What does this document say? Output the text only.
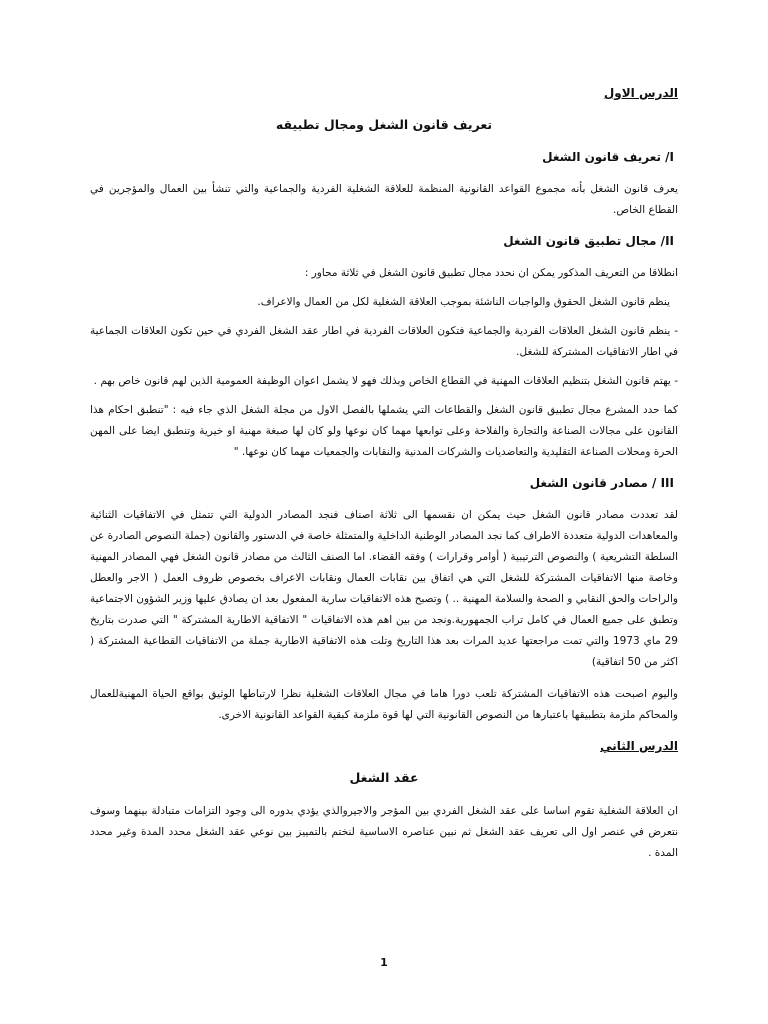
الدرس الاول
تعريف قانون الشغل ومجال تطبيقه
I/ تعريف قانون الشغل

يعرف قانون الشغل بأنه مجموع القواعد القانونية المنظمة للعلاقة الشغلية الفردية والجماعية والتي تنشأ بين العمال والمؤجرين في القطاع الخاص.

II/ مجال تطبيق قانون الشغل

انطلاقا من التعريف المذكور يمكن ان نحدد مجال تطبيق قانون الشغل في ثلاثة محاور :

ينظم قانون الشغل الحقوق والواجبات الناشئة بموجب العلاقة الشغلية لكل من العمال والاعراف.

- ينظم قانون الشغل العلاقات الفردية والجماعية فتكون العلاقات الفردية في اطار عقد الشغل الفردي في حين تكون العلاقات الجماعية في اطار الاتفاقيات المشتركة للشغل.

- يهتم قانون الشغل بتنظيم العلاقات المهنية في القطاع الخاص وبذلك فهو لا يشمل اعوان الوظيفة العمومية الذين لهم قانون خاص بهم .

كما حدد المشرع مجال تطبيق قانون الشغل والقطاعات التي يشملها بالفصل الاول من مجلة الشغل الذي جاء فيه : "تنطبق احكام هذا القانون على مجالات الصناعة والتجارة والفلاحة وعلى توابعها مهما كان نوعها ولو كان لها صبغة مهنية او خيرية وتنطبق ايضا على المهن الحرة ومحلات الصناعة التقليدية والتعاضديات والشركات المدنية والنقابات والجمعيات مهما كان نوعها. "

III / مصادر قانون الشغل

لقد تعددت مصادر قانون الشغل حيث يمكن ان نقسمها الى ثلاثة اصناف فنجد المصادر الدولية التي تتمثل في الاتفاقيات الثنائية والمعاهدات الدولية متعددة الاطراف كما نجد المصادر الوطنية الداخلية والمتمثلة خاصة في الدستور والقانون (جملة النصوص الصادرة عن السلطة التشريعية ) والنصوص الترتيبية ( أوامر وقرارات ) وفقه القضاء. اما الصنف الثالث من مصادر قانون الشغل فهي المصادر المهنية وخاصة منها الاتفاقيات المشتركة للشغل التي هي اتفاق بين نقابات العمال ونقابات الاعراف بخصوص ظروف العمل ( الاجر والعطل والراحات والحق النقابي و الصحة والسلامة المهنية .. ) وتصبح هذه الاتفاقيات سارية المفعول بعد ان يصادق عليها وزير الشؤون الاجتماعية وتطبق على جميع العمال في كامل تراب الجمهورية.ونجد من بين اهم هذه الاتفاقيات " الاتفاقية الاطارية المشتركة " التي صدرت بتاريخ 29 ماي 1973 والتي تمت مراجعتها عديد المرات بعد هذا التاريخ وتلت هذه الاتفاقية الاطارية جملة من الاتفاقيات القطاعية المشتركة ( اكثر من 50 اتفاقية)

واليوم اصبحت هذه الاتفاقيات المشتركة تلعب دورا هاما في مجال العلاقات الشغلية نظرا لارتباطها الوثيق بواقع الحياة المهنيةللعمال والمحاكم ملزمة بتطبيقها باعتبارها من النصوص القانونية التي لها قوة ملزمة كبقية القواعد القانونية الاخرى.

الدرس الثاني
عقد الشغل

ان العلاقة الشغلية تقوم اساسا على عقد الشغل الفردي بين المؤجر والاجيروالذي يؤدي بدوره الى وجود التزامات متبادلة بينهما وسوف نتعرض في عنصر اول الى تعريف عقد الشغل ثم نبين عناصره الاساسية لنختم بالتمييز بين نوعي عقد الشغل محدد المدة وغير محدد المدة .

1
